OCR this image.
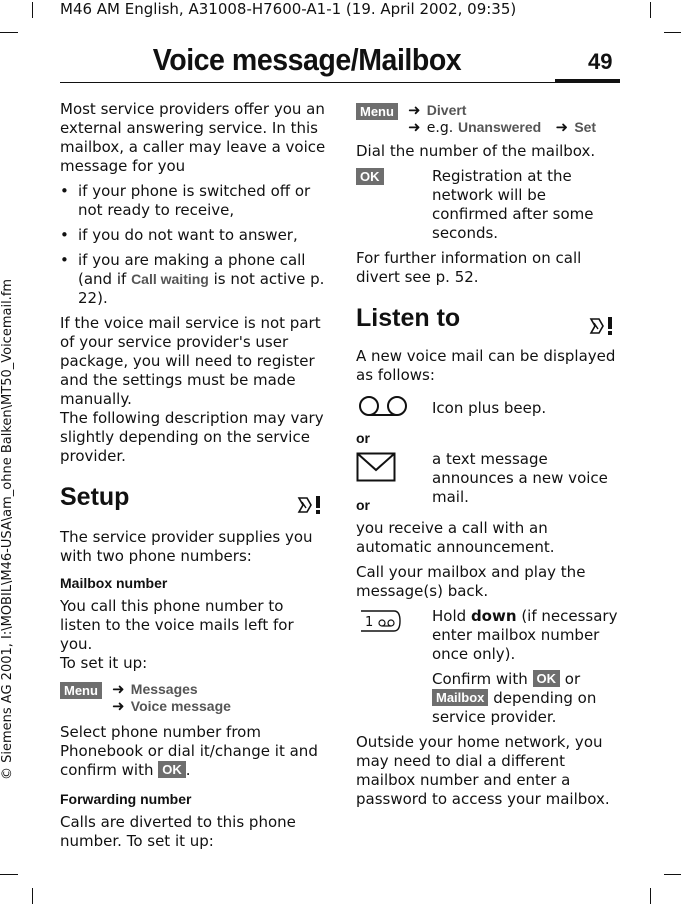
M46 AM English, A31008-H7600-A1-1 (19. April 2002, 09:35)
Voice message/Mailbox	49
© Siemens AG 2001, I:\MOBIL\M46-USA\am_ohne Balken\MT50_Voicemail.fm

Most service providers offer you an external answering service. In this mailbox, a caller may leave a voice message for you

• if your phone is switched off or not ready to receive,

• if you do not want to answer,

• if you are making a phone call (and if Call waiting is not active p. 22).

If the voice mail service is not part of your service provider's user package, you will need to register and the settings must be made manually.

The following description may vary slightly depending on the service provider.

Setup

The service provider supplies you with two phone numbers:

Mailbox number

You call this phone number to listen to the voice mails left for you.

To set it up:

Menu ➜ Messages
➜ Voice message

Select phone number from Phonebook or dial it/change it and confirm with OK .

Forwarding number

Calls are diverted to this phone number. To set it up:

Menu ➜ Divert
➜ e.g. Unanswered ➜ Set

Dial the number of the mailbox.

OK	Registration at the network will be confirmed after some seconds.

For further information on call divert see p. 52.

Listen to

A new voice mail can be displayed as follows:

Icon plus beep.

or

a text message announces a new voice mail.

or

you receive a call with an automatic announcement.

Call your mailbox and play the message(s) back.

1	Hold down (if necessary enter mailbox number once only).

Confirm with OK or Mailbox depending on service provider.

Outside your home network, you may need to dial a different mailbox number and enter a password to access your mailbox.
